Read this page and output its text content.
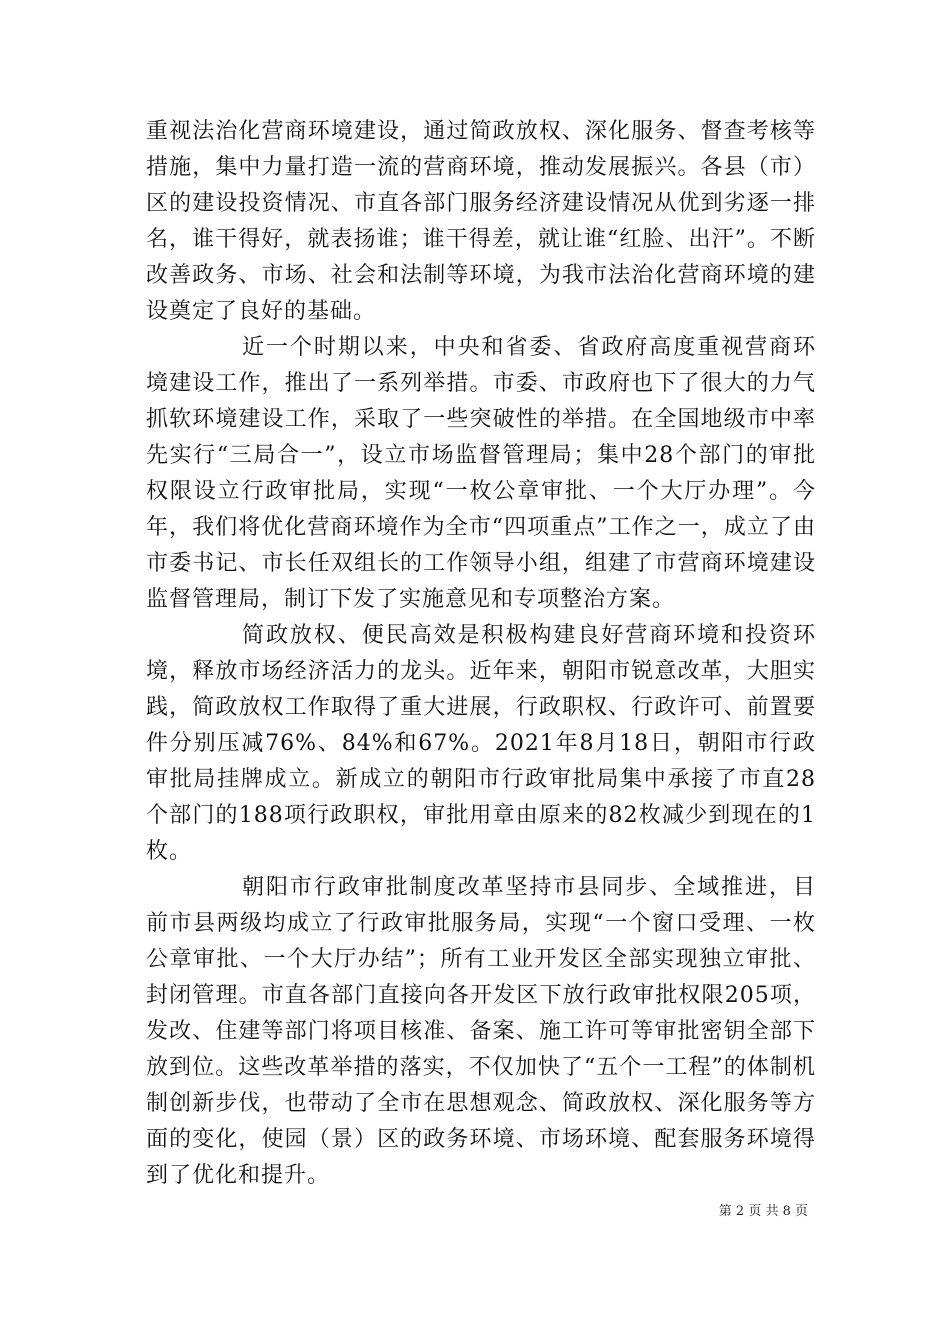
重视法治化营商环境建设，通过简政放权、深化服务、督查考核等措施，集中力量打造一流的营商环境，推动发展振兴。各县（市）区的建设投资情况、市直各部门服务经济建设情况从优到劣逐一排名，谁干得好，就表扬谁；谁干得差，就让谁“红脸、出汗”。不断改善政务、市场、社会和法制等环境，为我市法治化营商环境的建设奠定了良好的基础。

近一个时期以来，中央和省委、省政府高度重视营商环境建设工作，推出了一系列举措。市委、市政府也下了很大的力气抓软环境建设工作，采取了一些突破性的举措。在全国地级市中率先实行“三局合一”，设立市场监督管理局；集中28个部门的审批权限设立行政审批局，实现“一枚公章审批、一个大厅办理”。今年，我们将优化营商环境作为全市“四项重点”工作之一，成立了由市委书记、市长任双组长的工作领导小组，组建了市营商环境建设监督管理局，制订下发了实施意见和专项整治方案。

简政放权、便民高效是积极构建良好营商环境和投资环境，释放市场经济活力的龙头。近年来，朝阳市锐意改革，大胆实践，简政放权工作取得了重大进展，行政职权、行政许可、前置要件分别压减76%、84%和67%。2021年8月18日，朝阳市行政审批局挂牌成立。新成立的朝阳市行政审批局集中承接了市直28个部门的188项行政职权，审批用章由原来的82枚减少到现在的1枚。

朝阳市行政审批制度改革坚持市县同步、全域推进，目前市县两级均成立了行政审批服务局，实现“一个窗口受理、一枚公章审批、一个大厅办结”；所有工业开发区全部实现独立审批、封闭管理。市直各部门直接向各开发区下放行政审批权限205项，发改、住建等部门将项目核准、备案、施工许可等审批密钥全部下放到位。这些改革举措的落实，不仅加快了“五个一工程”的体制机制创新步伐，也带动了全市在思想观念、简政放权、深化服务等方面的变化，使园（景）区的政务环境、市场环境、配套服务环境得到了优化和提升。

第 2 页 共 8 页
